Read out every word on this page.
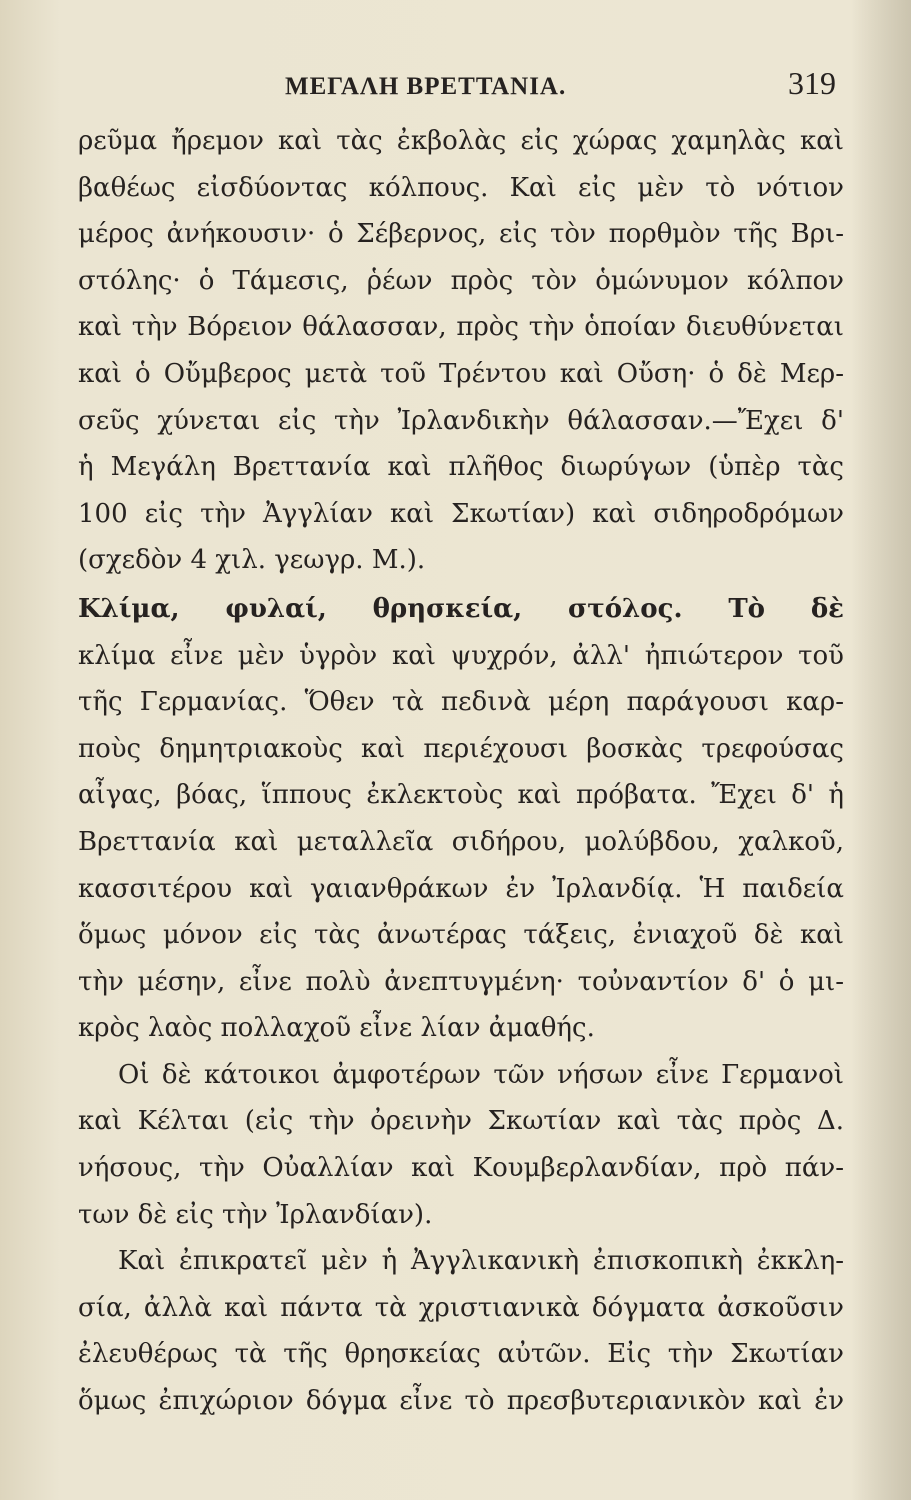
ΜΕΓΑΛΗ ΒΡΕΤΤΑΝΙΑ.	319
ρεῦμα ἤρεμον καὶ τὰς ἐκβολὰς εἰς χώρας χαμηλὰς καὶ
βαθέως εἰσδύοντας κόλπους. Καὶ εἰς μὲν τὸ νότιον
μέρος ἀνήκουσιν· ὁ Σέβερνος, εἰς τὸν πορθμὸν τῆς Βρι-
στόλης· ὁ Τάμεσις, ῥέων πρὸς τὸν ὁμώνυμον κόλπον
καὶ τὴν Βόρειον θάλασσαν, πρὸς τὴν ὁποίαν διευθύνεται
καὶ ὁ Οὔμβερος μετὰ τοῦ Τρέντου καὶ Οὔση· ὁ δὲ Μερ-
σεῦς χύνεται εἰς τὴν Ἰρλανδικὴν θάλασσαν.—Ἔχει δ'
ἡ Μεγάλη Βρεττανία καὶ πλῆθος διωρύγων (ὑπὲρ τὰς
100 εἰς τὴν Ἀγγλίαν καὶ Σκωτίαν) καὶ σιδηροδρόμων
(σχεδὸν 4 χιλ. γεωγρ. Μ.).
Κλίμα, φυλαί, θρησκεία, στόλος. Τὸ δὲ
κλίμα εἶνε μὲν ὑγρὸν καὶ ψυχρόν, ἀλλ' ἠπιώτερον τοῦ
τῆς Γερμανίας. Ὅθεν τὰ πεδινὰ μέρη παράγουσι καρ-
ποὺς δημητριακοὺς καὶ περιέχουσι βοσκὰς τρεφούσας
αἶγας, βόας, ἵππους ἐκλεκτοὺς καὶ πρόβατα. Ἔχει δ' ἡ
Βρεττανία καὶ μεταλλεῖα σιδήρου, μολύβδου, χαλκοῦ,
κασσιτέρου καὶ γαιανθράκων ἐν Ἰρλανδίᾳ. Ἡ παιδεία
ὅμως μόνον εἰς τὰς ἀνωτέρας τάξεις, ἐνιαχοῦ δὲ καὶ
τὴν μέσην, εἶνε πολὺ ἀνεπτυγμένη· τοὐναντίον δ' ὁ μι-
κρὸς λαὸς πολλαχοῦ εἶνε λίαν ἀμαθής.
Οἱ δὲ κάτοικοι ἀμφοτέρων τῶν νήσων εἶνε Γερμανοὶ
καὶ Κέλται (εἰς τὴν ὀρεινὴν Σκωτίαν καὶ τὰς πρὸς Δ.
νήσους, τὴν Οὐαλλίαν καὶ Κουμβερλανδίαν, πρὸ πάν-
των δὲ εἰς τὴν Ἰρλανδίαν).
Καὶ ἐπικρατεῖ μὲν ἡ Ἀγγλικανικὴ ἐπισκοπικὴ ἐκκλη-
σία, ἀλλὰ καὶ πάντα τὰ χριστιανικὰ δόγματα ἀσκοῦσιν
ἐλευθέρως τὰ τῆς θρησκείας αὐτῶν. Εἰς τὴν Σκωτίαν
ὅμως ἐπιχώριον δόγμα εἶνε τὸ πρεσβυτεριανικὸν καὶ ἐν
